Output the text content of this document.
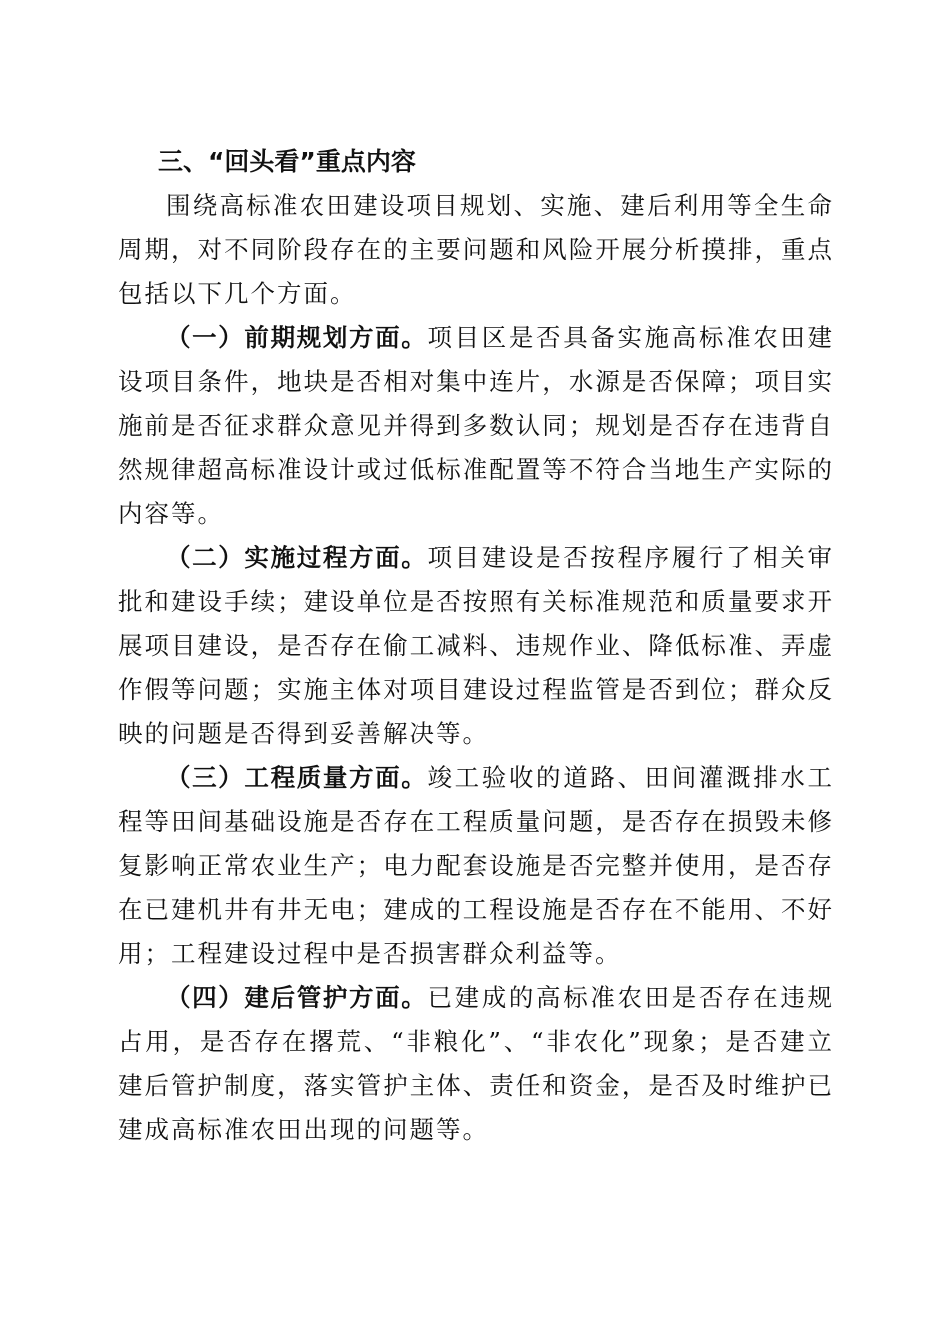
三、“回头看”重点内容

围绕高标准农田建设项目规划、实施、建后利用等全生命周期，对不同阶段存在的主要问题和风险开展分析摸排，重点包括以下几个方面。

（一）前期规划方面。项目区是否具备实施高标准农田建设项目条件，地块是否相对集中连片，水源是否保障；项目实施前是否征求群众意见并得到多数认同；规划是否存在违背自然规律超高标准设计或过低标准配置等不符合当地生产实际的内容等。

（二）实施过程方面。项目建设是否按程序履行了相关审批和建设手续；建设单位是否按照有关标准规范和质量要求开展项目建设，是否存在偷工减料、违规作业、降低标准、弄虚作假等问题；实施主体对项目建设过程监管是否到位；群众反映的问题是否得到妥善解决等。

（三）工程质量方面。竣工验收的道路、田间灌溉排水工程等田间基础设施是否存在工程质量问题，是否存在损毁未修复影响正常农业生产；电力配套设施是否完整并使用，是否存在已建机井有井无电；建成的工程设施是否存在不能用、不好用；工程建设过程中是否损害群众利益等。

（四）建后管护方面。已建成的高标准农田是否存在违规占用，是否存在撂荒、“非粮化”、“非农化”现象；是否建立建后管护制度，落实管护主体、责任和资金，是否及时维护已建成高标准农田出现的问题等。
